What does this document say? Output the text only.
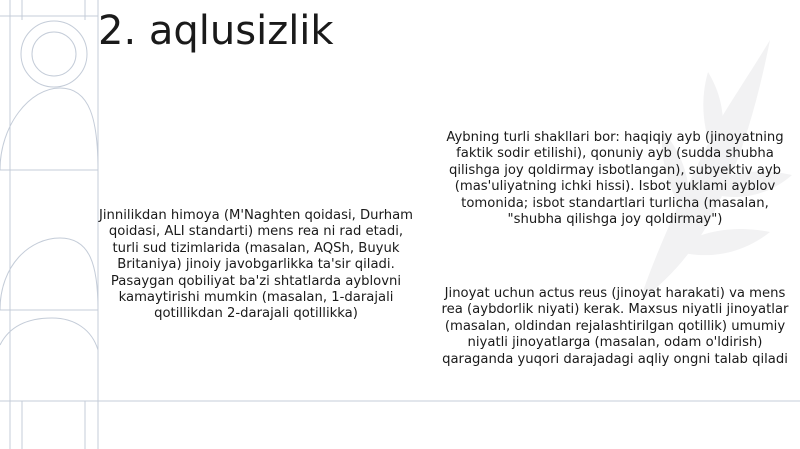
2. aqlusizlik

Jinnilikdan himoya (M'Naghten qoidasi, Durham qoidasi, ALI standarti) mens rea ni rad etadi, turli sud tizimlarida (masalan, AQSh, Buyuk Britaniya) jinoiy javobgarlikka ta'sir qiladi. Pasaygan qobiliyat ba'zi shtatlarda ayblovni kamaytirishi mumkin (masalan, 1-darajali qotillikdan 2-darajali qotillikka)

Aybning turli shakllari bor: haqiqiy ayb (jinoyatning faktik sodir etilishi), qonuniy ayb (sudda shubha qilishga joy qoldirmay isbotlangan), subyektiv ayb (mas'uliyatning ichki hissi). Isbot yuklami ayblov tomonida; isbot standartlari turlicha (masalan, "shubha qilishga joy qoldirmay")

Jinoyat uchun actus reus (jinoyat harakati) va mens rea (aybdorlik niyati) kerak. Maxsus niyatli jinoyatlar (masalan, oldindan rejalashtirilgan qotillik) umumiy niyatli jinoyatlarga (masalan, odam o'ldirish) qaraganda yuqori darajadagi aqliy ongni talab qiladi
